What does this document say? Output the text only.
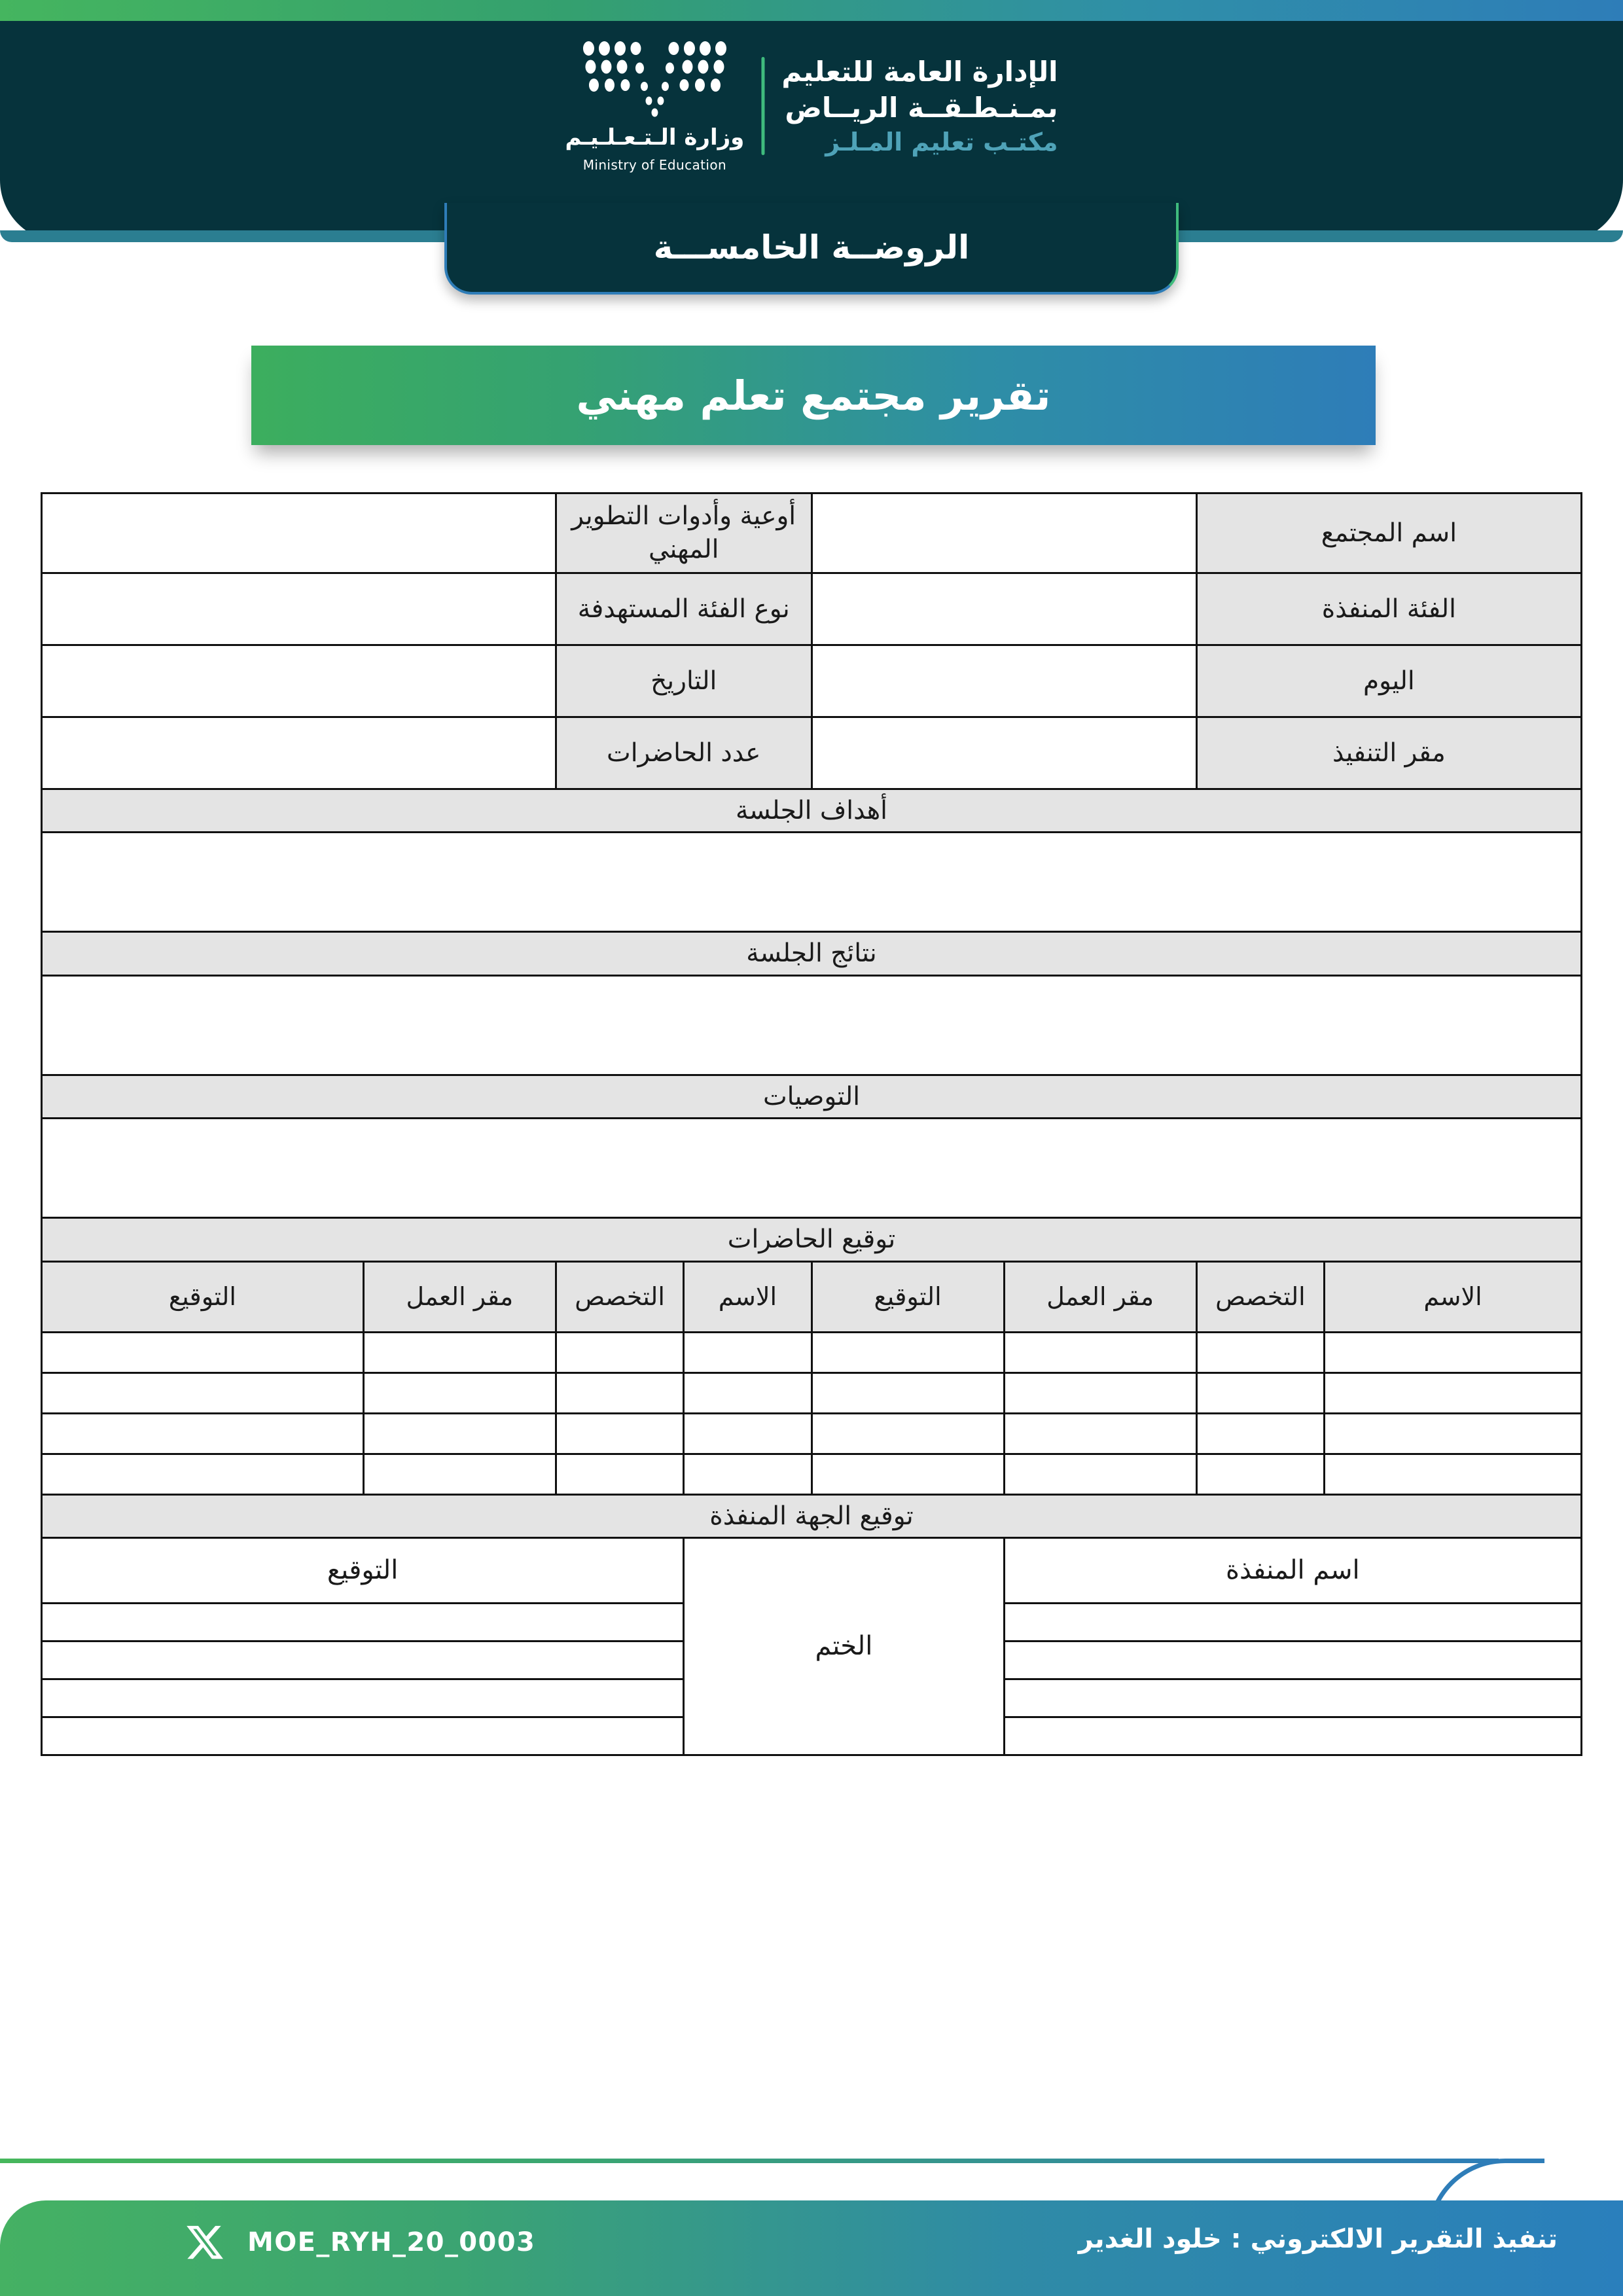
الإدارة العامة للتعليم
بمـنـطـقــة الريــاض
مكتـب تعليم المـلـز
وزارة الـتـعـلـيـم
Ministry of Education
الروضــة الخامســـة
تقرير مجتمع تعلم مهني
اسم المجتمع				أوعية وأدوات التطوير المهني			
الفئة المنفذة				نوع الفئة المستهدفة			
اليوم				التاريخ			
مقر التنفيذ				عدد الحاضرات			
أهداف الجلسة							

نتائج الجلسة							

التوصيات							

توقيع الحاضرات							
الاسم	التخصص	مقر العمل	التوقيع	الاسم	التخصص	مقر العمل	التوقيع

توقيع الجهة المنفذة							
اسم المنفذة			الختم		التوقيع		

تنفيذ التقرير الالكتروني : خلود الغدير
MOE_RYH_20_0003
